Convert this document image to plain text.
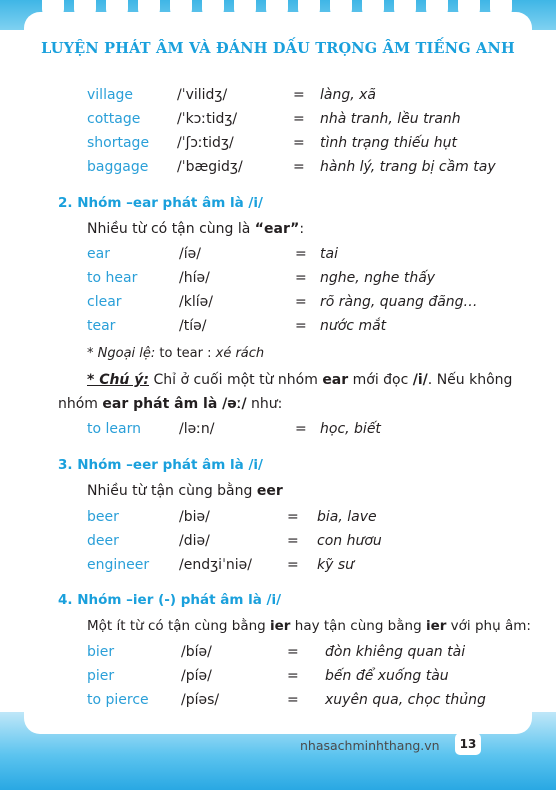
LUYỆN PHÁT ÂM VÀ ĐÁNH DẤU TRỌNG ÂM TIẾNG ANH
village	/ˈvilidʒ/	= làng, xã
cottage	/ˈkɔːtidʒ/	= nhà tranh, lều tranh
shortage /ˈʃɔːtidʒ/	= tình trạng thiếu hụt
baggage /ˈbægidʒ/	= hành lý, trang bị cầm tay
2. Nhóm –ear phát âm là /i/
Nhiều từ có tận cùng là “ear”:
ear	/íə/	= tai
to hear	/híə/	= nghe, nghe thấy
clear	/klíə/	= rõ ràng, quang đãng…
tear	/tíə/	= nước mắt
* Ngoại lệ: to tear : xé rách
* Chú ý: Chỉ ở cuối một từ nhóm ear mới đọc /i/. Nếu không
nhóm ear phát âm là /əː/ như:
to learn	/ləːn/	= học, biết
3. Nhóm –eer phát âm là /i/
Nhiều từ tận cùng bằng eer
beer	/biə/	= bia, lave
deer	/diə/	= con hươu
engineer /endʒiˈniə/ = kỹ sư
4. Nhóm –ier (-) phát âm là /i/
Một ít từ có tận cùng bằng ier hay tận cùng bằng ier với phụ âm:
bier	/bíə/	= đòn khiêng quan tài
pier	/píə/	= bến để xuống tàu
to pierce /píəs/	= xuyên qua, chọc thủng
nhasachminhthang.vn	13
